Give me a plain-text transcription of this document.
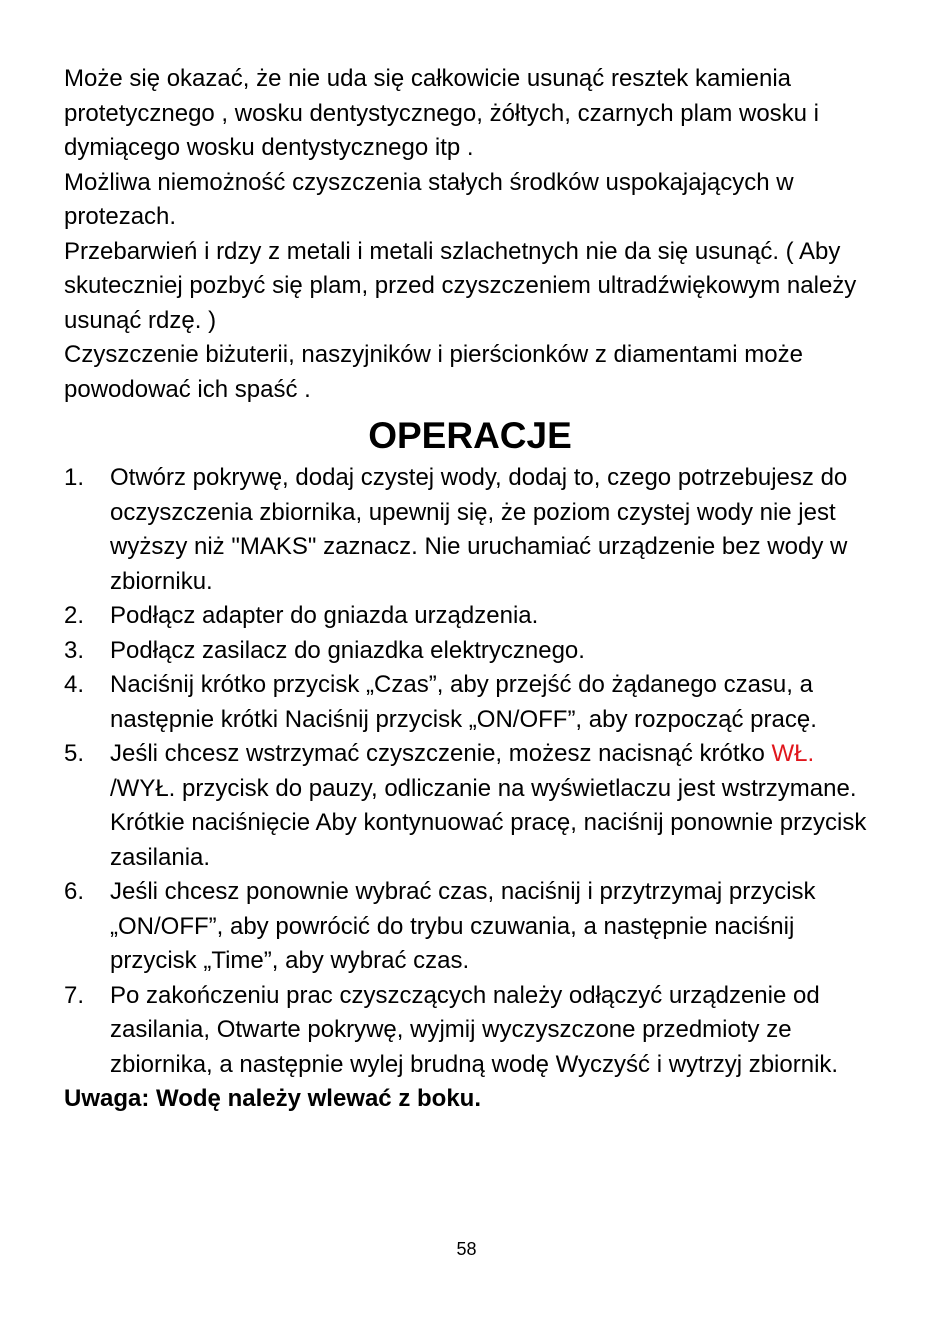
Może się okazać, że nie uda się całkowicie usunąć resztek kamienia protetycznego , wosku dentystycznego, żółtych, czarnych plam wosku i dymiącego wosku dentystycznego itp .

Możliwa niemożność czyszczenia stałych środków uspokajających w protezach.

Przebarwień i rdzy z metali i metali szlachetnych nie da się usunąć. ( Aby skuteczniej pozbyć się plam, przed czyszczeniem ultradźwiękowym należy usunąć rdzę. )

Czyszczenie biżuterii, naszyjników i pierścionków z diamentami może powodować ich spaść .

OPERACJE
1. Otwórz pokrywę, dodaj czystej wody, dodaj to, czego potrzebujesz do oczyszczenia zbiornika, upewnij się, że poziom czystej wody nie jest wyższy niż "MAKS" zaznacz. Nie uruchamiać urządzenie bez wody w zbiorniku.
2. Podłącz adapter do gniazda urządzenia.
3. Podłącz zasilacz do gniazdka elektrycznego.
4. Naciśnij krótko przycisk „Czas”, aby przejść do żądanego czasu, a następnie krótki Naciśnij przycisk „ON/OFF”, aby rozpocząć pracę.
5. Jeśli chcesz wstrzymać czyszczenie, możesz nacisnąć krótko WŁ. /WYŁ. przycisk do pauzy, odliczanie na wyświetlaczu jest wstrzymane. Krótkie naciśnięcie Aby kontynuować pracę, naciśnij ponownie przycisk zasilania.
6. Jeśli chcesz ponownie wybrać czas, naciśnij i przytrzymaj przycisk „ON/OFF”, aby powrócić do trybu czuwania, a następnie naciśnij przycisk „Time”, aby wybrać czas.
7. Po zakończeniu prac czyszczących należy odłączyć urządzenie od zasilania, Otwarte pokrywę, wyjmij wyczyszczone przedmioty ze zbiornika, a następnie wylej brudną wodę Wyczyść i wytrzyj zbiornik.

Uwaga: Wodę należy wlewać z boku.

58
